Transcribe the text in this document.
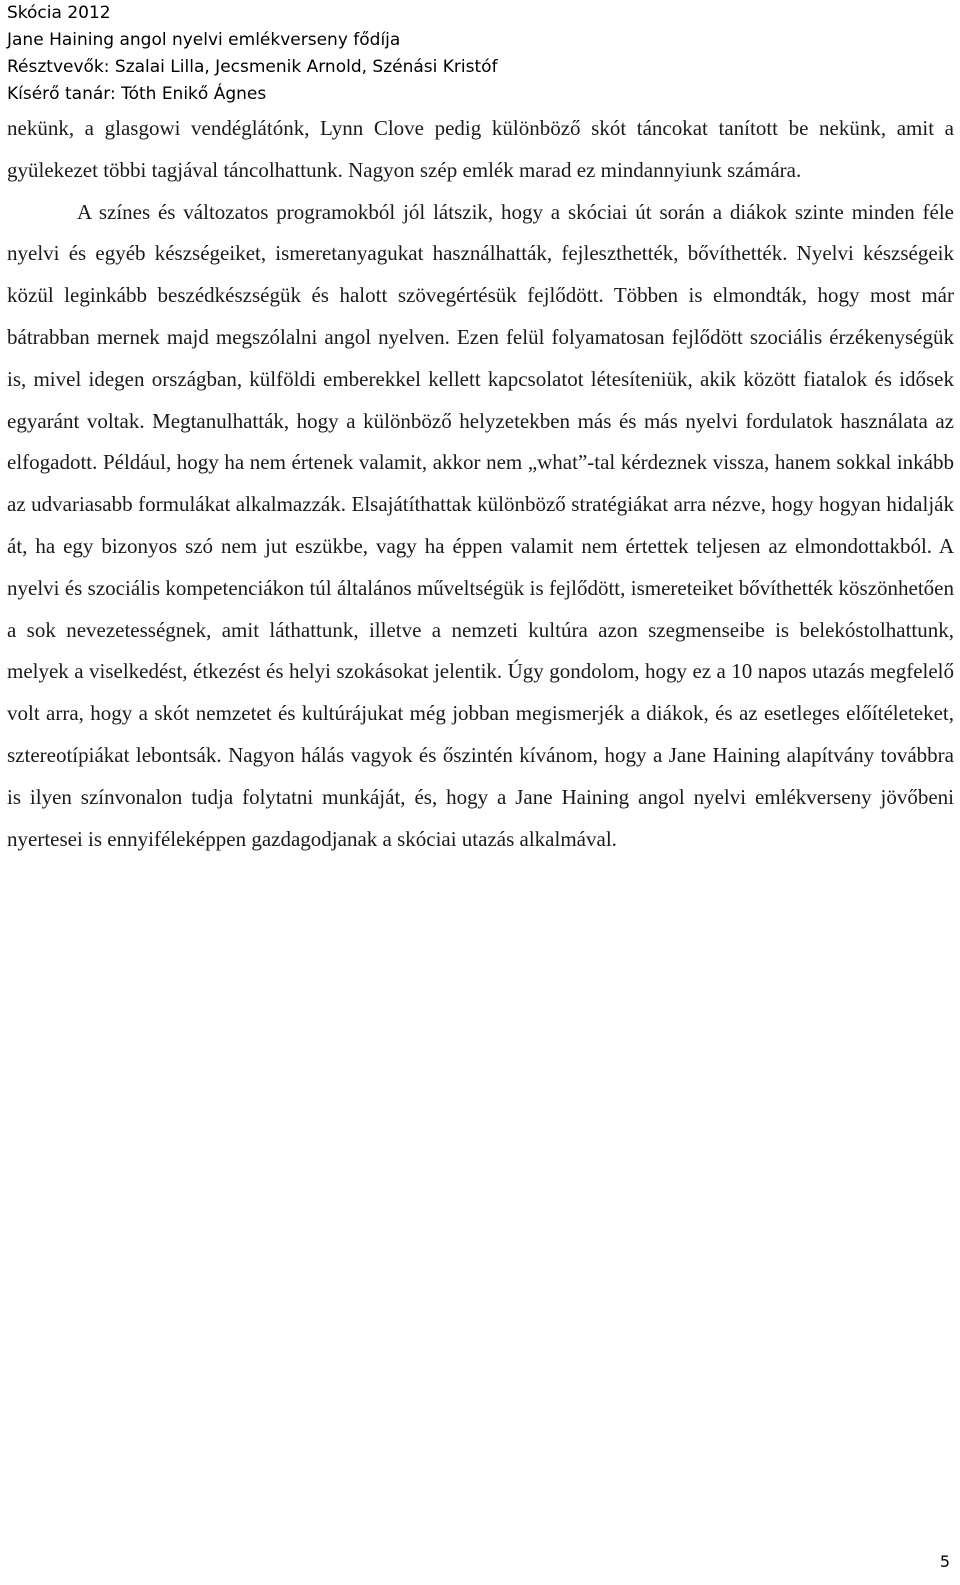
Skócia 2012
Jane Haining angol nyelvi emlékverseny fődíja
Résztvevők: Szalai Lilla, Jecsmenik Arnold, Szénási Kristóf
Kísérő tanár: Tóth Enikő Ágnes

nekünk, a glasgowi vendéglátónk, Lynn Clove pedig különböző skót táncokat tanított be nekünk, amit a gyülekezet többi tagjával táncolhattunk. Nagyon szép emlék marad ez mindannyiunk számára.

A színes és változatos programokból jól látszik, hogy a skóciai út során a diákok szinte minden féle nyelvi és egyéb készségeiket, ismeretanyagukat használhatták, fejleszthették, bővíthették. Nyelvi készségeik közül leginkább beszédkészségük és halott szövegértésük fejlődött. Többen is elmondták, hogy most már bátrabban mernek majd megszólalni angol nyelven. Ezen felül folyamatosan fejlődött szociális érzékenységük is, mivel idegen országban, külföldi emberekkel kellett kapcsolatot létesíteniük, akik között fiatalok és idősek egyaránt voltak. Megtanulhatták, hogy a különböző helyzetekben más és más nyelvi fordulatok használata az elfogadott. Például, hogy ha nem értenek valamit, akkor nem „what”-tal kérdeznek vissza, hanem sokkal inkább az udvariasabb formulákat alkalmazzák. Elsajátíthattak különböző stratégiákat arra nézve, hogy hogyan hidalják át, ha egy bizonyos szó nem jut eszükbe, vagy ha éppen valamit nem értettek teljesen az elmondottakból. A nyelvi és szociális kompetenciákon túl általános műveltségük is fejlődött, ismereteiket bővíthették köszönhetően a sok nevezetességnek, amit láthattunk, illetve a nemzeti kultúra azon szegmenseibe is belekóstolhattunk, melyek a viselkedést, étkezést és helyi szokásokat jelentik. Úgy gondolom, hogy ez a 10 napos utazás megfelelő volt arra, hogy a skót nemzetet és kultúrájukat még jobban megismerjék a diákok, és az esetleges előítéleteket, sztereotípiákat lebontsák. Nagyon hálás vagyok és őszintén kívánom, hogy a Jane Haining alapítvány továbbra is ilyen színvonalon tudja folytatni munkáját, és, hogy a Jane Haining angol nyelvi emlékverseny jövőbeni nyertesei is ennyiféleképpen gazdagodjanak a skóciai utazás alkalmával.

5
